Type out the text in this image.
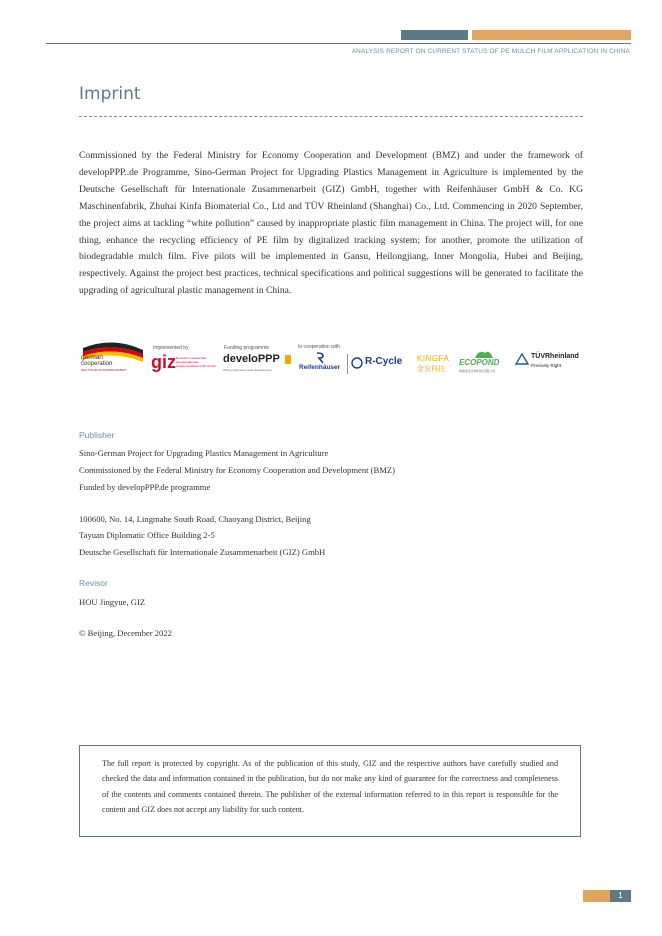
ANALYSIS REPORT ON CURRENT STATUS OF PE MULCH FILM APPLICATION IN CHINA
Imprint
Commissioned by the Federal Ministry for Economy Cooperation and Development (BMZ) and under the framework of developPPP..de Programme, Sino-German Project for Upgrading Plastics Management in Agriculture is implemented by the Deutsche Gesellschaft für Internationale Zusammenarbeit (GIZ) GmbH, together with Reifenhäuser GmbH & Co. KG Maschinenfabrik, Zhuhai Kinfa Biomaterial Co., Ltd and TÜV Rheinland (Shanghai) Co., Ltd. Commencing in 2020 September, the project aims at tackling “white pollution” caused by inappropriate plastic film management in China. The project will, for one thing, enhance the recycling efficiency of PE film by digitalized tracking system; for another, promote the utilization of biodegradable mulch film. Five pilots will be implemented in Gansu, Heilongjiang, Inner Mongolia, Hubei and Beijing, respectively. Against the project best practices, technical specifications and political suggestions will be generated to facilitate the upgrading of agricultural plastic management in China.
german
cooperation
DEUTSCHE ZUSAMMENARBEIT
Implemented by
giz Deutsche Gesellschaft
für Internationale
Zusammenarbeit (GIZ) GmbH
Funding programme
develoPPP
Where business meets development
In cooperation with
Reifenhäuser
R-Cycle KINGFA
金发科技
ECOPOND
珠海金发生物材料有限公司
TÜVRheinland
Precisely Right.
Publisher
Sino-German Project for Upgrading Plastics Management in Agriculture
Commissioned by the Federal Ministry for Economy Cooperation and Development (BMZ)
Funded by developPPP.de programme
100600, No. 14, Lingmahe South Road, Chaoyang District, Beijing
Tayuan Diplomatic Office Building 2-5
Deutsche Gesellschaft für Internationale Zusammenarbeit (GIZ) GmbH
Revisor
HOU Jingyue, GIZ
© Beijing, December 2022
The full report is protected by copyright. As of the publication of this study, GIZ and the respective authors have carefully studied and checked the data and information contained in the publication, but do not make any kind of guarantee for the correctness and completeness of the contents and comments contained therein. The publisher of the external information referred to in this report is responsible for the content and GIZ does not accept any liability for such content.
1
